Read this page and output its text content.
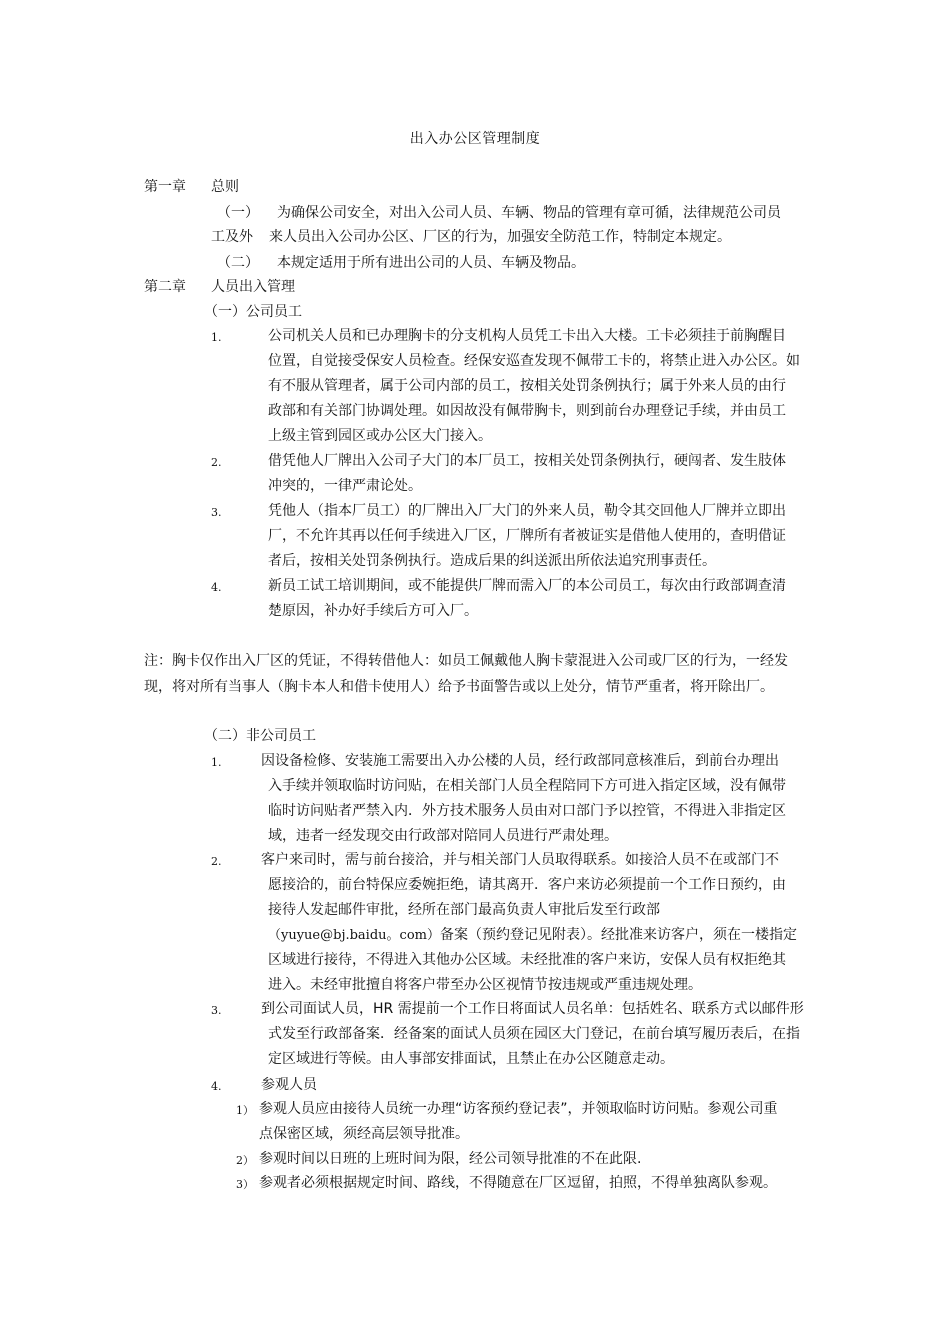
出入办公区管理制度
第一章 总则
（一） 为确保公司安全，对出入公司人员、车辆、物品的管理有章可循，法律规范公司员
工及外 来人员出入公司办公区、厂区的行为，加强安全防范工作，特制定本规定。
（二） 本规定适用于所有进出公司的人员、车辆及物品。
第二章 人员出入管理
（一）公司员工
1.	公司机关人员和已办理胸卡的分支机构人员凭工卡出入大楼。工卡必须挂于前胸醒目
位置，自觉接受保安人员检查。经保安巡查发现不佩带工卡的，将禁止进入办公区。如
有不服从管理者，属于公司内部的员工，按相关处罚条例执行；属于外来人员的由行
政部和有关部门协调处理。如因故没有佩带胸卡，则到前台办理登记手续，并由员工
上级主管到园区或办公区大门接入。
2.	借凭他人厂牌出入公司子大门的本厂员工，按相关处罚条例执行，硬闯者、发生肢体
冲突的，一律严肃论处。
3.	凭他人（指本厂员工）的厂牌出入厂大门的外来人员，勒令其交回他人厂牌并立即出
厂，不允许其再以任何手续进入厂区，厂牌所有者被证实是借他人使用的，查明借证
者后，按相关处罚条例执行。造成后果的纠送派出所依法追究刑事责任。
4.	新员工试工培训期间，或不能提供厂牌而需入厂的本公司员工，每次由行政部调查清
楚原因，补办好手续后方可入厂。
注：胸卡仅作出入厂区的凭证，不得转借他人：如员工佩戴他人胸卡蒙混进入公司或厂区的行为，一经发
现，将对所有当事人（胸卡本人和借卡使用人）给予书面警告或以上处分，情节严重者，将开除出厂。
（二）非公司员工
1.	因设备检修、安装施工需要出入办公楼的人员，经行政部同意核准后，到前台办理出
入手续并领取临时访问贴，在相关部门人员全程陪同下方可进入指定区域，没有佩带
临时访问贴者严禁入内．外方技术服务人员由对口部门予以控管，不得进入非指定区
域，违者一经发现交由行政部对陪同人员进行严肃处理。
2.	客户来司时，需与前台接洽，并与相关部门人员取得联系。如接洽人员不在或部门不
愿接洽的，前台特保应委婉拒绝，请其离开．客户来访必须提前一个工作日预约，由
接待人发起邮件审批，经所在部门最高负责人审批后发至行政部
（yuyue@bj.baidu。com）备案（预约登记见附表）。经批准来访客户，须在一楼指定
区域进行接待，不得进入其他办公区域。未经批准的客户来访，安保人员有权拒绝其
进入。未经审批擅自将客户带至办公区视情节按违规或严重违规处理。
3.	到公司面试人员，HR 需提前一个工作日将面试人员名单：包括姓名、联系方式以邮件形
式发至行政部备案．经备案的面试人员须在园区大门登记，在前台填写履历表后，在指
定区域进行等候。由人事部安排面试，且禁止在办公区随意走动。
4.	参观人员
1） 参观人员应由接待人员统一办理“访客预约登记表”，并领取临时访问贴。参观公司重
点保密区域，须经高层领导批准。
2） 参观时间以日班的上班时间为限，经公司领导批准的不在此限.
3） 参观者必须根据规定时间、路线，不得随意在厂区逗留，拍照，不得单独离队参观。
